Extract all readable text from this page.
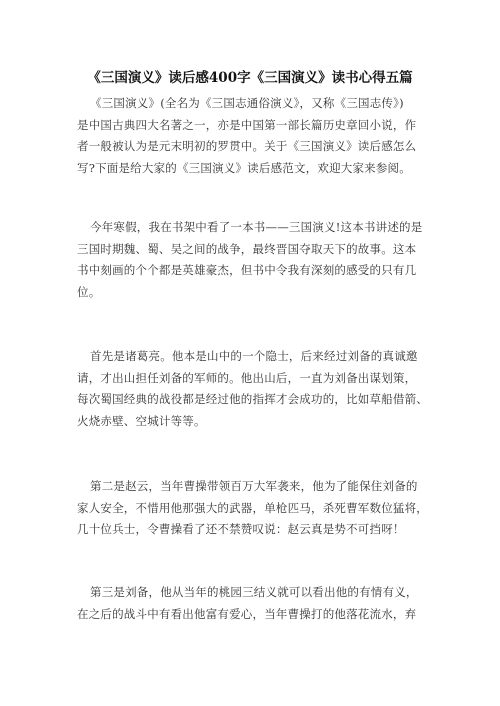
《三国演义》读后感400字《三国演义》读书心得五篇
《三国演义》(全名为《三国志通俗演义》，又称《三国志传》)
是中国古典四大名著之一，亦是中国第一部长篇历史章回小说，作
者一般被认为是元末明初的罗贯中。关于《三国演义》读后感怎么
写?下面是给大家的《三国演义》读后感范文，欢迎大家来参阅。
今年寒假，我在书架中看了一本书——三国演义!这本书讲述的是
三国时期魏、蜀、吴之间的战争，最终晋国夺取天下的故事。这本
书中刻画的个个都是英雄豪杰，但书中令我有深刻的感受的只有几
位。
首先是诸葛亮。他本是山中的一个隐士，后来经过刘备的真诚邀
请，才出山担任刘备的军师的。他出山后，一直为刘备出谋划策，
每次蜀国经典的战役都是经过他的指挥才会成功的，比如草船借箭、
火烧赤壁、空城计等等。
第二是赵云，当年曹操带领百万大军袭来，他为了能保住刘备的
家人安全，不惜用他那强大的武器，单枪匹马，杀死曹军数位猛将，
几十位兵士，令曹操看了还不禁赞叹说：赵云真是势不可挡呀！
第三是刘备，他从当年的桃园三结义就可以看出他的有情有义，
在之后的战斗中有看出他富有爱心，当年曹操打的他落花流水，弃
